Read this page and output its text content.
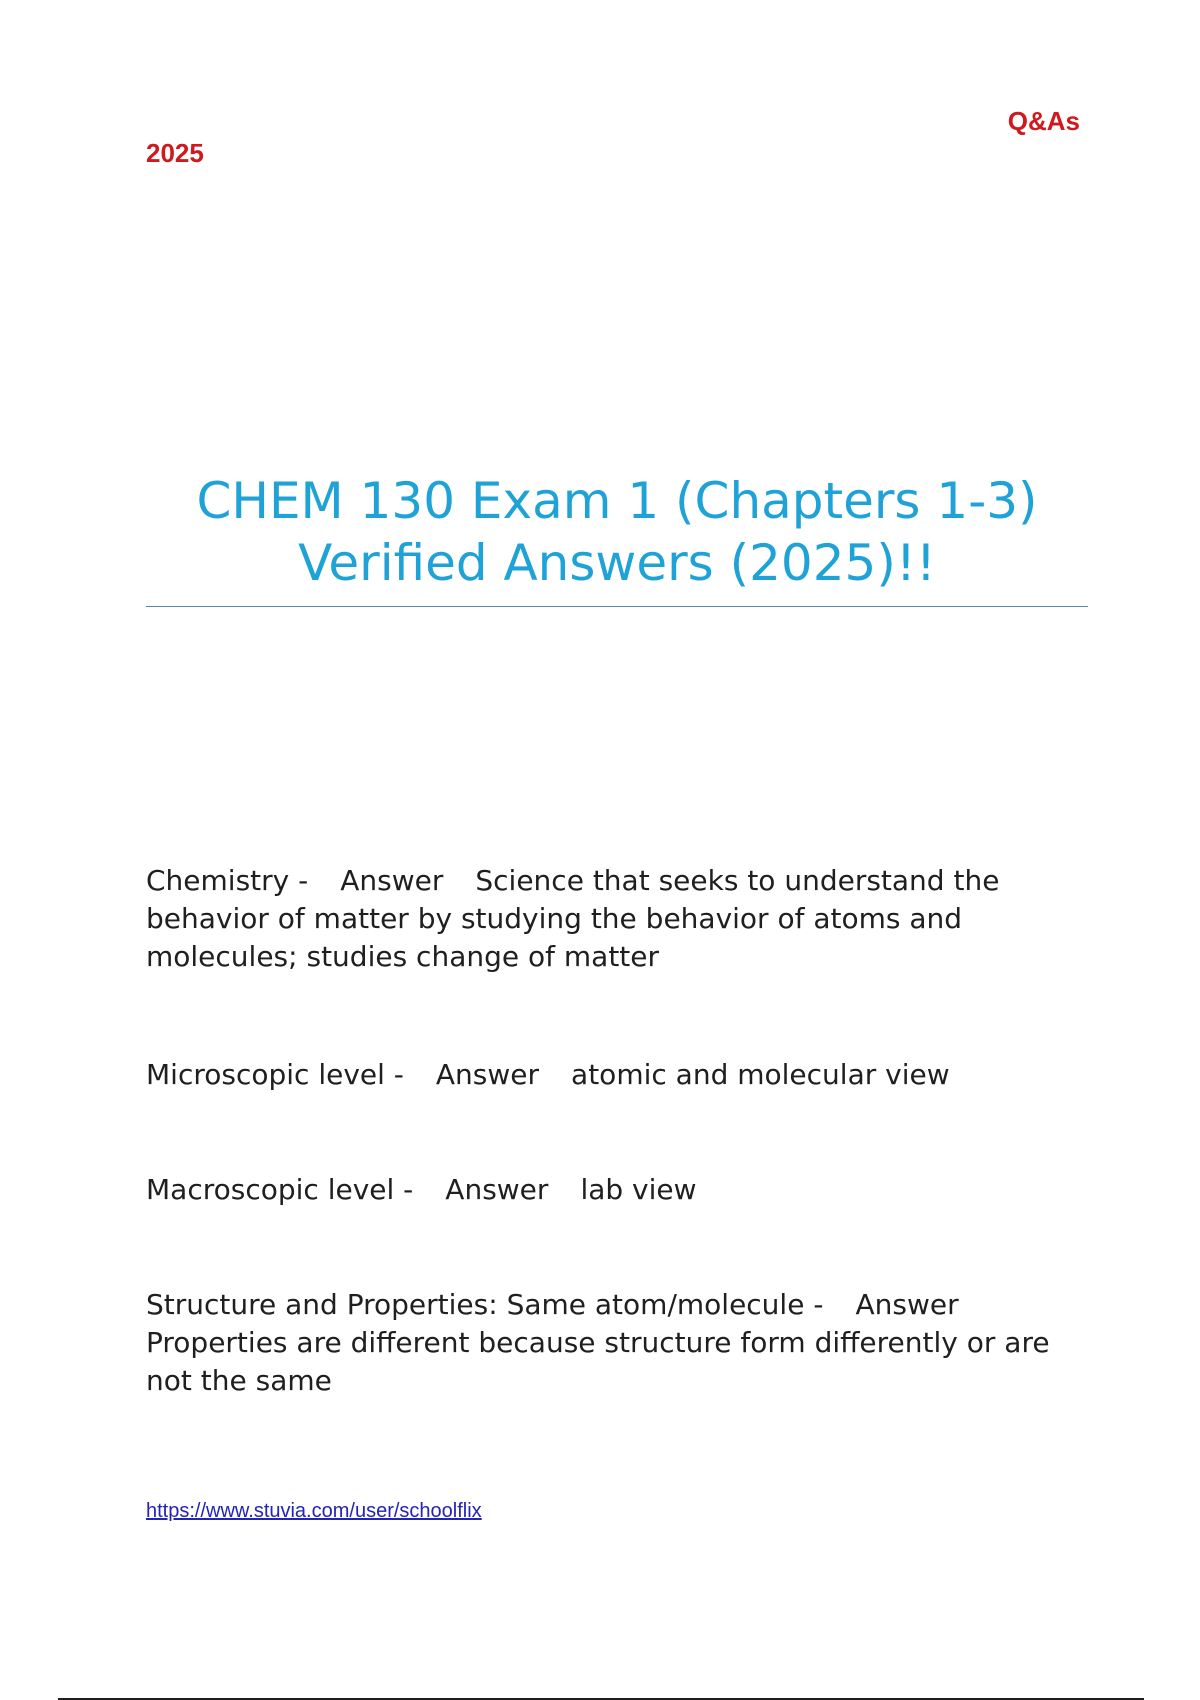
Q&As
2025
CHEM 130 Exam 1 (Chapters 1-3)
Verified Answers (2025)!!
Chemistry - Answer Science that seeks to understand the behavior of matter by studying the behavior of atoms and molecules; studies change of matter
Microscopic level - Answer atomic and molecular view
Macroscopic level - Answer lab view
Structure and Properties: Same atom/molecule - AnswerProperties are different because structure form differently or are not the same
https://www.stuvia.com/user/schoolflix
